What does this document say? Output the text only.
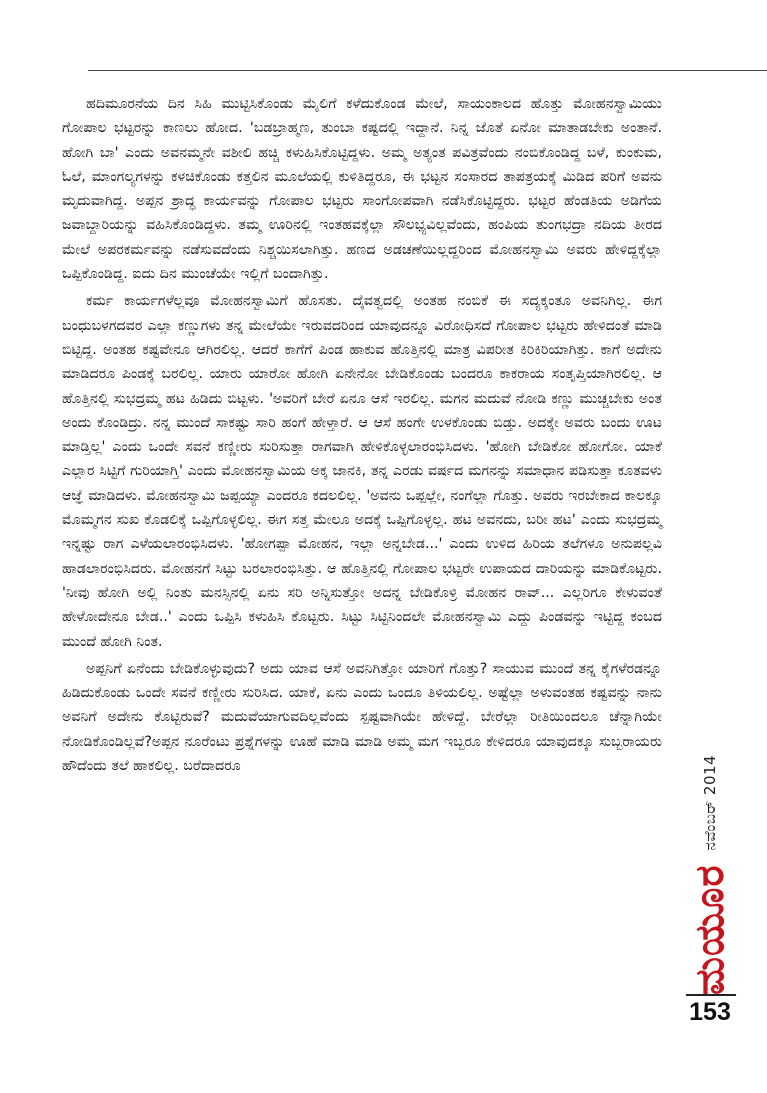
ಹದಿಮೂರನೆಯ ದಿನ ಸಿಹಿ ಮುಟ್ಟಿಸಿಕೊಂಡು ಮೈಲಿಗೆ ಕಳೆದುಕೊಂಡ ಮೇಲೆ, ಸಾಯಂಕಾಲದ ಹೊತ್ತು ಮೋಹನಸ್ವಾಮಿಯು ಗೋಪಾಲ ಭಟ್ಟರನ್ನು ಕಾಣಲು ಹೋದ. 'ಬಡಬ್ರಾಹ್ಮಣ, ತುಂಬಾ ಕಷ್ಟದಲ್ಲಿ ಇದ್ದಾನೆ. ನಿನ್ನ ಜೊತೆ ಏನೋ ಮಾತಾಡಬೇಕು ಅಂತಾನೆ. ಹೋಗಿ ಬಾ' ಎಂದು ಅವನಮ್ಮನೇ ವಶೀಲಿ ಹಚ್ಚಿ ಕಳುಹಿಸಿಕೊಟ್ಟಿದ್ದಳು. ಅಮ್ಮ ಅತ್ಯಂತ ಪವಿತ್ರವೆಂದು ನಂಬಿಕೊಂಡಿದ್ದ ಬಳೆ, ಕುಂಕುಮ, ಓಲೆ, ಮಾಂಗಲ್ಯಗಳನ್ನು ಕಳಚಿಕೊಂಡು ಕತ್ತಲಿನ ಮೂಲೆಯಲ್ಲಿ ಕುಳಿತಿದ್ದರೂ, ಈ ಭಟ್ಟನ ಸಂಸಾರದ ತಾಪತ್ರಯಕ್ಕೆ ಮಿಡಿದ ಪರಿಗೆ ಅವನು ಮೃದುವಾಗಿದ್ದ. ಅಪ್ಪನ ಶ್ರಾದ್ಧ ಕಾರ್ಯವನ್ನು ಗೋಪಾಲ ಭಟ್ಟರು ಸಾಂಗೋಪವಾಗಿ ನಡೆಸಿಕೊಟ್ಟಿದ್ದರು. ಭಟ್ಟರ ಹೆಂಡತಿಯ ಅಡಿಗೆಯ ಜವಾಬ್ದಾರಿಯನ್ನು ವಹಿಸಿಕೊಂಡಿದ್ದಳು. ತಮ್ಮ ಊರಿನಲ್ಲಿ ಇಂತಹವಕ್ಕೆಲ್ಲಾ ಸೌಲಭ್ಯವಿಲ್ಲವೆಂದು, ಹಂಪಿಯ ತುಂಗಭದ್ರಾ ನದಿಯ ತೀರದ ಮೇಲೆ ಅಪರಕರ್ಮವನ್ನು ನಡೆಸುವದೆಂದು ನಿಶ್ಚಯಿಸಲಾಗಿತ್ತು. ಹಣದ ಅಡಚಣೆಯಿಲ್ಲದ್ದರಿಂದ ಮೋಹನಸ್ವಾಮಿ ಅವರು ಹೇಳಿದ್ದಕ್ಕೆಲ್ಲಾ ಒಪ್ಪಿಕೊಂಡಿದ್ದ. ಐದು ದಿನ ಮುಂಚೆಯೇ ಇಲ್ಲಿಗೆ ಬಂದಾಗಿತ್ತು.

ಕರ್ಮ ಕಾರ್ಯಗಳೆಲ್ಲವೂ ಮೋಹನಸ್ವಾಮಿಗೆ ಹೊಸತು. ದೈವತ್ವದಲ್ಲಿ ಅಂತಹ ನಂಬಿಕೆ ಈ ಸದ್ಯಕ್ಕಂತೂ ಅವನಿಗಿಲ್ಲ. ಈಗ ಬಂಧುಬಳಗದವರ ಎಲ್ಲಾ ಕಣ್ಣುಗಳು ತನ್ನ ಮೇಲೆಯೇ ಇರುವದರಿಂದ ಯಾವುದನ್ನೂ ವಿರೋಧಿಸದೆ ಗೋಪಾಲ ಭಟ್ಟರು ಹೇಳಿದಂತೆ ಮಾಡಿ ಬಿಟ್ಟಿದ್ದ. ಅಂತಹ ಕಷ್ಟವೇನೂ ಆಗಿರಲಿಲ್ಲ. ಆದರೆ ಕಾಗೆಗೆ ಪಿಂಡ ಹಾಕುವ ಹೊತ್ತಿನಲ್ಲಿ ಮಾತ್ರ ವಿಪರೀತ ಕಿರಿಕಿರಿಯಾಗಿತ್ತು. ಕಾಗೆ ಅದೇನು ಮಾಡಿದರೂ ಪಿಂಡಕ್ಕೆ ಬರಲಿಲ್ಲ. ಯಾರು ಯಾರೋ ಹೋಗಿ ಏನೇನೋ ಬೇಡಿಕೊಂಡು ಬಂದರೂ ಕಾಕರಾಯ ಸಂತೃಪ್ತಿಯಾಗಿರಲಿಲ್ಲ. ಆ ಹೊತ್ತಿನಲ್ಲಿ ಸುಭದ್ರಮ್ಮ ಹಟ ಹಿಡಿದು ಬಿಟ್ಟಳು. 'ಅವರಿಗೆ ಬೇರೆ ಏನೂ ಆಸೆ ಇರಲಿಲ್ಲ. ಮಗನ ಮದುವೆ ನೋಡಿ ಕಣ್ಣು ಮುಚ್ಚಬೇಕು ಅಂತ ಅಂದು ಕೊಂಡಿದ್ರು. ನನ್ನ ಮುಂದೆ ಸಾಕಷ್ಟು ಸಾರಿ ಹಂಗೆ ಹೇಳ್ತಾರೆ. ಆ ಆಸೆ ಹಂಗೇ ಉಳಕೊಂಡು ಬಿಡ್ತು. ಅದಕ್ಕೇ ಅವರು ಬಂದು ಊಟ ಮಾಡ್ತಿಲ್ಲ' ಎಂದು ಒಂದೇ ಸವನೆ ಕಣ್ಣೀರು ಸುರಿಸುತ್ತಾ ರಾಗವಾಗಿ ಹೇಳಿಕೊಳ್ಳಲಾರಂಭಿಸಿದಳು. 'ಹೋಗಿ ಬೇಡಿಕೋ ಹೋಗೋ. ಯಾಕೆ ಎಲ್ಲಾರ ಸಿಟ್ಟಿಗೆ ಗುರಿಯಾಗ್ತಿ' ಎಂದು ಮೋಹನಸ್ವಾಮಿಯ ಅಕ್ಕ ಜಾನಕಿ, ತನ್ನ ಎರಡು ವರ್ಷದ ಮಗನನ್ನು ಸಮಾಧಾನ ಪಡಿಸುತ್ತಾ ಕೂತವಳು ಆಜ್ಞೆ ಮಾಡಿದಳು. ಮೋಹನಸ್ವಾಮಿ ಜಪ್ಪಯ್ಯಾ ಎಂದರೂ ಕದಲಲಿಲ್ಲ. 'ಅವನು ಒಪ್ಪಲ್ಲೇ, ನಂಗೆಲ್ಲಾ ಗೊತ್ತು. ಅವರು ಇರಬೇಕಾದ ಕಾಲಕ್ಕೂ ಮೊಮ್ಮಗನ ಸುಖ ಕೊಡಲಿಕ್ಕೆ ಒಪ್ಪಿಗೊಳ್ಳಲಿಲ್ಲ. ಈಗ ಸತ್ತ ಮೇಲೂ ಅದಕ್ಕೆ ಒಪ್ಪಿಗೊಳ್ಳಲ್ಲ. ಹಟ ಅವನದು, ಬರೀ ಹಟ' ಎಂದು ಸುಭದ್ರಮ್ಮ ಇನ್ನಷ್ಟು ರಾಗ ಎಳೆಯಲಾರಂಭಿಸಿದಳು. 'ಹೋಗಪ್ಪಾ ಮೋಹನ, ಇಲ್ಲಾ ಅನ್ನಬೇಡ...' ಎಂದು ಉಳಿದ ಹಿರಿಯ ತಲೆಗಳೂ ಅನುಪಲ್ಲವಿ ಹಾಡಲಾರಂಭಿಸಿದರು. ಮೋಹನಗೆ ಸಿಟ್ಟು ಬರಲಾರಂಭಿಸಿತ್ತು. ಆ ಹೊತ್ತಿನಲ್ಲಿ ಗೋಪಾಲ ಭಟ್ಟರೇ ಉಪಾಯದ ದಾರಿಯನ್ನು ಮಾಡಿಕೊಟ್ಟರು. 'ನೀವು ಹೋಗಿ ಅಲ್ಲಿ ನಿಂತು ಮನಸ್ಸಿನಲ್ಲಿ ಏನು ಸರಿ ಅನ್ನಿಸುತ್ತೋ ಅದನ್ನ ಬೇಡಿಕೊಳ್ರಿ ಮೋಹನ ರಾವ್... ಎಲ್ಲರಿಗೂ ಕೇಳುವಂತೆ ಹೇಳೋದೇನೂ ಬೇಡ..' ಎಂದು ಒಪ್ಪಿಸಿ ಕಳುಹಿಸಿ ಕೊಟ್ಟರು. ಸಿಟ್ಟು ಸಿಟ್ಟಿನಿಂದಲೇ ಮೋಹನಸ್ವಾಮಿ ಎದ್ದು ಪಿಂಡವನ್ನು ಇಟ್ಟಿದ್ದ ಕಂಬದ ಮುಂದೆ ಹೋಗಿ ನಿಂತ.

ಅಪ್ಪನಿಗೆ ಏನೆಂದು ಬೇಡಿಕೊಳ್ಳುವುದು? ಅದು ಯಾವ ಆಸೆ ಅವನಿಗಿತ್ತೋ ಯಾರಿಗೆ ಗೊತ್ತು? ಸಾಯುವ ಮುಂದೆ ತನ್ನ ಕೈಗಳೆರಡನ್ನೂ ಹಿಡಿದುಕೊಂಡು ಒಂದೇ ಸವನೆ ಕಣ್ಣೀರು ಸುರಿಸಿದ. ಯಾಕೆ, ಏನು ಎಂದು ಒಂದೂ ತಿಳಿಯಲಿಲ್ಲ. ಅಷ್ಟೆಲ್ಲಾ ಅಳುವಂತಹ ಕಷ್ಟವನ್ನು ನಾನು ಅವನಿಗೆ ಅದೇನು ಕೊಟ್ಟಿರುವೆ? ಮದುವೆಯಾಗುವದಿಲ್ಲವೆಂದು ಸ್ಪಷ್ಟವಾಗಿಯೇ ಹೇಳಿದ್ದೆ. ಬೇರೆಲ್ಲಾ ರೀತಿಯಿಂದಲೂ ಚೆನ್ನಾಗಿಯೇ ನೋಡಿಕೊಂಡಿಲ್ಲವೆ?ಅಪ್ಪನ ನೂರೆಂಟು ಪ್ರಶ್ನೆಗಳನ್ನು ಊಹೆ ಮಾಡಿ ಮಾಡಿ ಅಮ್ಮ ಮಗ ಇಬ್ಬರೂ ಕೇಳಿದರೂ ಯಾವುದಕ್ಕೂ ಸುಬ್ಬರಾಯರು ಹೌದೆಂದು ತಲೆ ಹಾಕಲಿಲ್ಲ. ಬರೆದಾದರೂ

ಮಯೂರ
ನವೆಂಬರ್ 2014
153
